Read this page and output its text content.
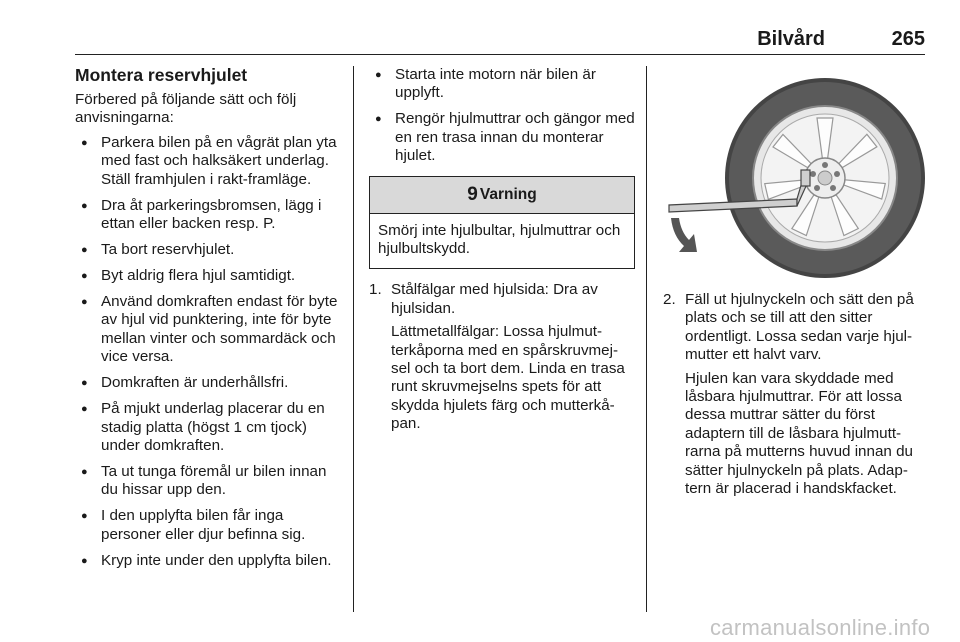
Bilvård	265
Montera reservhjulet

Förbered på följande sätt och följ anvisningarna:

● Parkera bilen på en vågrät plan yta med fast och halksäkert underlag. Ställ framhjulen i rakt-framläge.
● Dra åt parkeringsbromsen, lägg i ettan eller backen resp. P.
● Ta bort reservhjulet.
● Byt aldrig flera hjul samtidigt.
● Använd domkraften endast för byte av hjul vid punktering, inte för byte mellan vinter och sommardäck och vice versa.
● Domkraften är underhållsfri.
● På mjukt underlag placerar du en stadig platta (högst 1 cm tjock) under domkraften.
● Ta ut tunga föremål ur bilen innan du hissar upp den.
● I den upplyfta bilen får inga personer eller djur befinna sig.
● Kryp inte under den upplyfta bilen.
● Starta inte motorn när bilen är upplyft.
● Rengör hjulmuttrar och gängor med en ren trasa innan du monterar hjulet.
9 Varning
Smörj inte hjulbultar, hjulmuttrar och hjulbultskydd.
1. Stålfälgar med hjulsida: Dra av hjulsidan.

Lättmetallfälgar: Lossa hjulmut-terkåporna med en spårskruvmej-sel och ta bort dem. Linda en trasa runt skruvmejselns spets för att skydda hjulets färg och mutterkå-pan.

2. Fäll ut hjulnyckeln och sätt den på plats och se till att den sitter ordentligt. Lossa sedan varje hjul-mutter ett halvt varv.

Hjulen kan vara skyddade med låsbara hjulmuttrar. För att lossa dessa muttrar sätter du först adaptern till de låsbara hjulmutt-rarna på mutterns huvud innan du sätter hjulnyckeln på plats. Adap-tern är placerad i handskfacket.

carmanualsonline.info
